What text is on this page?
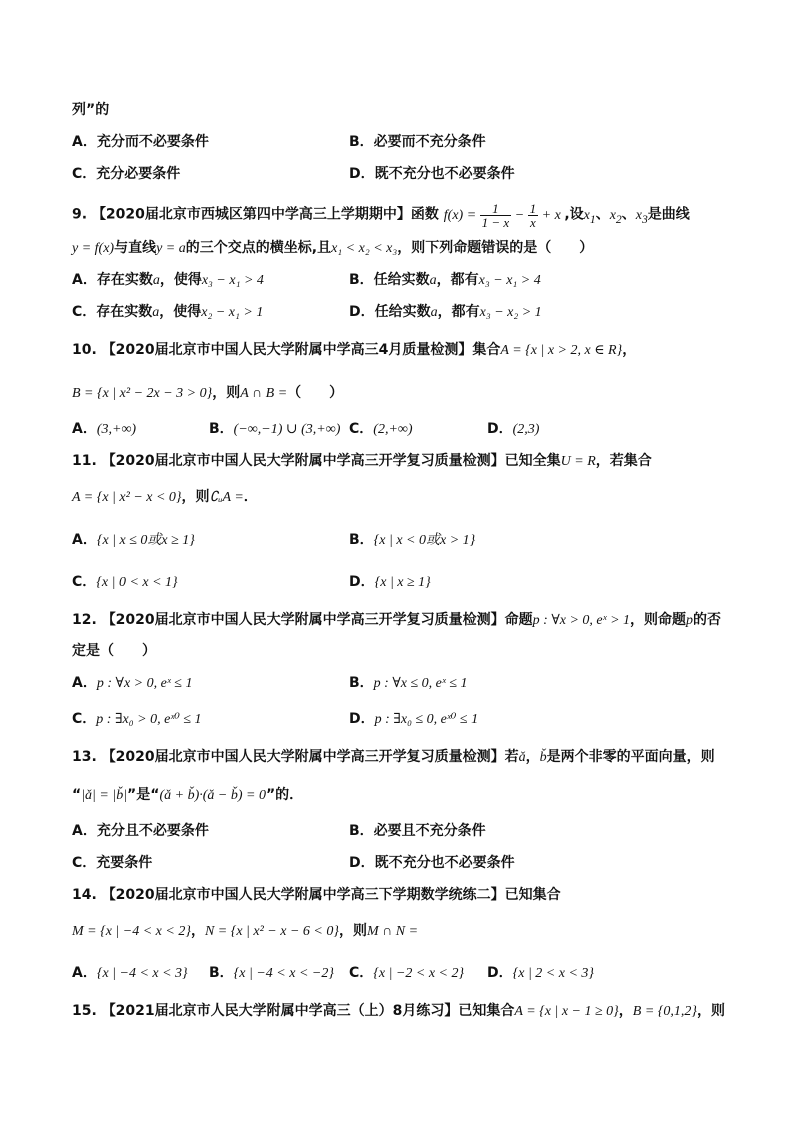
列”的
A．充分而不必要条件	B．必要而不充分条件
C．充分必要条件	D．既不充分也不必要条件
9. 【2020届北京市西城区第四中学高三上学期期中】函数 $f(x) = \frac{1}{1 - x} - \frac{1}{x} + x$ ,设$x_1$、$x_2$、$x_3$是曲线
y = f(x)与直线y = a的三个交点的横坐标,且x₁ < x₂ < x₃，则下列命题错误的是（　　）
A．存在实数a，使得x₃ − x₁ > 4	B．任给实数a，都有x₃ − x₁ > 4
C．存在实数a，使得x₂ − x₁ > 1	D．任给实数a，都有x₃ − x₂ > 1
10. 【2020届北京市中国人民大学附属中学高三4月质量检测】集合A = {x | x > 2, x ∈ R}，
B = {x | x² − 2x − 3 > 0}，则A ∩ B =（　　）
A．(3,+∞)	B．(−∞,−1) ∪ (3,+∞) C．(2,+∞)	D．(2,3)
11. 【2020届北京市中国人民大学附属中学高三开学复习质量检测】已知全集U = R，若集合
A = {x | x² − x < 0}，则∁ᵤA =．
A．{x | x ≤ 0或x ≥ 1}	B．{x | x < 0或x > 1}
C．{x | 0 < x < 1}	D．{x | x ≥ 1}
12. 【2020届北京市中国人民大学附属中学高三开学复习质量检测】命题p : ∀x > 0, eˣ > 1，则命题p的否
定是（　　）
A．p : ∀x > 0, eˣ ≤ 1	B．p : ∀x ≤ 0, eˣ ≤ 1
C．p : ∃x₀ > 0, eˣ⁰ ≤ 1	D．p : ∃x₀ ≤ 0, eˣ⁰ ≤ 1
13. 【2020届北京市中国人民大学附属中学高三开学复习质量检测】若ǎ，b̌是两个非零的平面向量，则
“|ǎ| = |b̌|”是“(ǎ + b̌)·(ǎ − b̌) = 0”的．
A．充分且不必要条件	B．必要且不充分条件
C．充要条件	D．既不充分也不必要条件
14. 【2020届北京市中国人民大学附属中学高三下学期数学统练二】已知集合
M = {x | −4 < x < 2}，N = {x | x² − x − 6 < 0}，则M ∩ N =
A．{x | −4 < x < 3} B．{x | −4 < x < −2} C．{x | −2 < x < 2} D．{x | 2 < x < 3}
15. 【2021届北京市人民大学附属中学高三（上）8月练习】已知集合A = {x | x − 1 ≥ 0}，B = {0,1,2}，则
